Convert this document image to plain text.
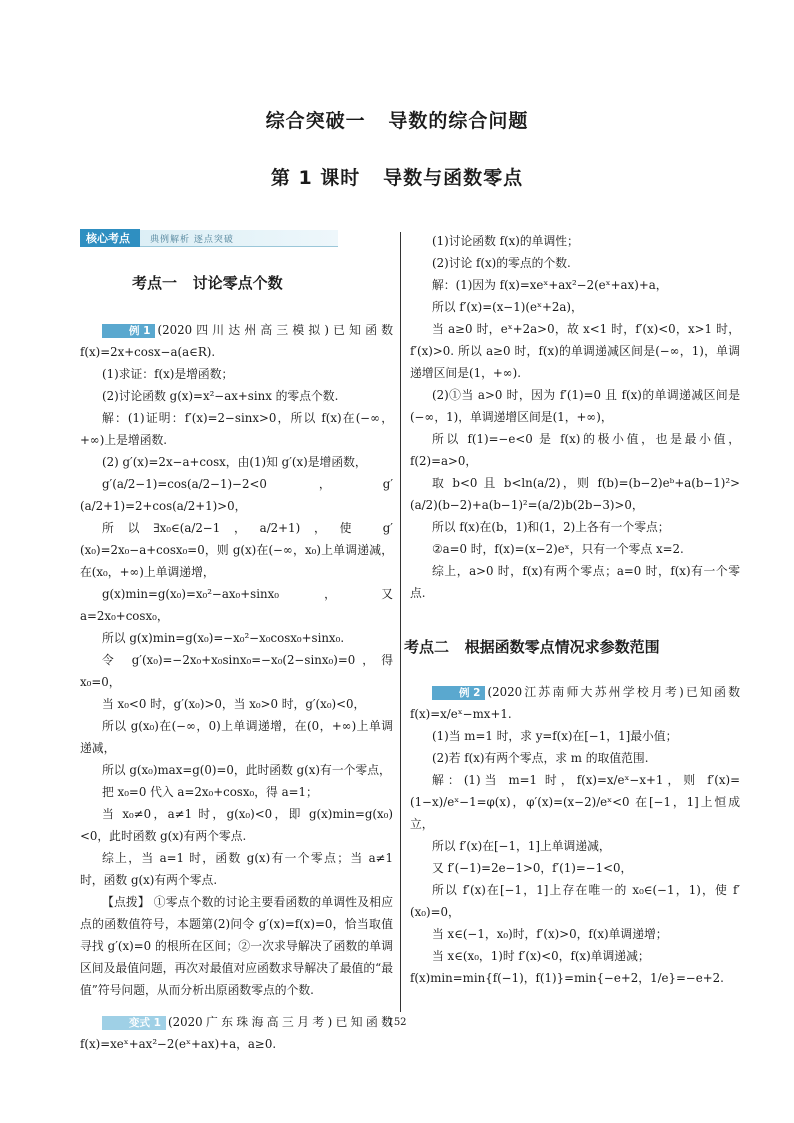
综合突破一   导数的综合问题
第 1 课时   导数与函数零点
核心考点	典例解析 逐点突破
考点一   讨论零点个数

例 1 (2020四川达州高三模拟)已知函数 f(x)=2x+cosx−a(a∈R).

(1)求证：f(x)是增函数；

(2)讨论函数 g(x)=x²−ax+sinx 的零点个数.

解：(1)证明：f′(x)=2−sinx>0，所以 f(x)在(−∞，+∞)上是增函数.

(2) g′(x)=2x−a+cosx，由(1)知 g′(x)是增函数，

g′(a/2−1)=cos(a/2−1)−2<0，g′(a/2+1)=2+cos(a/2+1)>0，

所以∃x₀∈(a/2−1，a/2+1)，使 g′(x₀)=2x₀−a+cosx₀=0，则 g(x)在(−∞，x₀)上单调递减，在(x₀，+∞)上单调递增，

g(x)min=g(x₀)=x₀²−ax₀+sinx₀，又 a=2x₀+cosx₀，

所以 g(x)min=g(x₀)=−x₀²−x₀cosx₀+sinx₀.

令 g′(x₀)=−2x₀+x₀sinx₀=−x₀(2−sinx₀)=0，得 x₀=0，

当 x₀<0 时，g′(x₀)>0，当 x₀>0 时，g′(x₀)<0，

所以 g(x₀)在(−∞，0)上单调递增，在(0，+∞)上单调递减，

所以 g(x₀)max=g(0)=0，此时函数 g(x)有一个零点，

把 x₀=0 代入 a=2x₀+cosx₀，得 a=1；

当 x₀≠0，a≠1 时，g(x₀)<0，即 g(x)min=g(x₀)<0，此时函数 g(x)有两个零点.

综上，当 a=1 时，函数 g(x)有一个零点；当 a≠1 时，函数 g(x)有两个零点.

【点拨】 ①零点个数的讨论主要看函数的单调性及相应点的函数值符号，本题第(2)问令 g′(x)=f(x)=0，恰当取值寻找 g′(x)=0 的根所在区间；②一次求导解决了函数的单调区间及最值问题，再次对最值对应函数求导解决了最值的“最值”符号问题，从而分析出原函数零点的个数.

变式 1 (2020广东珠海高三月考)已知函数 f(x)=xeˣ+ax²−2(eˣ+ax)+a，a≥0.

(1)讨论函数 f(x)的单调性；

(2)讨论 f(x)的零点的个数.

解：(1)因为 f(x)=xeˣ+ax²−2(eˣ+ax)+a，

所以 f′(x)=(x−1)(eˣ+2a)，

当 a≥0 时，eˣ+2a>0，故 x<1 时，f′(x)<0，x>1 时，f′(x)>0. 所以 a≥0 时，f(x)的单调递减区间是(−∞，1)，单调递增区间是(1，+∞).

(2)①当 a>0 时，因为 f′(1)=0 且 f(x)的单调递减区间是(−∞，1)，单调递增区间是(1，+∞)，

所以 f(1)=−e<0 是 f(x)的极小值，也是最小值，f(2)=a>0，

取 b<0 且 b<ln(a/2)，则 f(b)=(b−2)eᵇ+a(b−1)²>(a/2)(b−2)+a(b−1)²=(a/2)b(2b−3)>0，

所以 f(x)在(b，1)和(1，2)上各有一个零点；

②a=0 时，f(x)=(x−2)eˣ，只有一个零点 x=2.

综上，a>0 时，f(x)有两个零点；a=0 时，f(x)有一个零点.

考点二   根据函数零点情况求参数范围

例 2 (2020江苏南师大苏州学校月考)已知函数 f(x)=x/eˣ−mx+1.

(1)当 m=1 时，求 y=f(x)在[−1，1]最小值；

(2)若 f(x)有两个零点，求 m 的取值范围.

解：(1)当 m=1 时，f(x)=x/eˣ−x+1，则 f′(x)=(1−x)/eˣ−1=φ(x)，φ′(x)=(x−2)/eˣ<0 在[−1，1]上恒成立，

所以 f′(x)在[−1，1]上单调递减，

又 f′(−1)=2e−1>0，f′(1)=−1<0，

所以 f′(x)在[−1，1]上存在唯一的 x₀∈(−1，1)，使 f′(x₀)=0，

当 x∈(−1，x₀)时，f′(x)>0，f(x)单调递增；

当 x∈(x₀，1)时 f′(x)<0，f(x)单调递减；

f(x)min=min{f(−1)，f(1)}=min{−e+2，1/e}=−e+2.

152
